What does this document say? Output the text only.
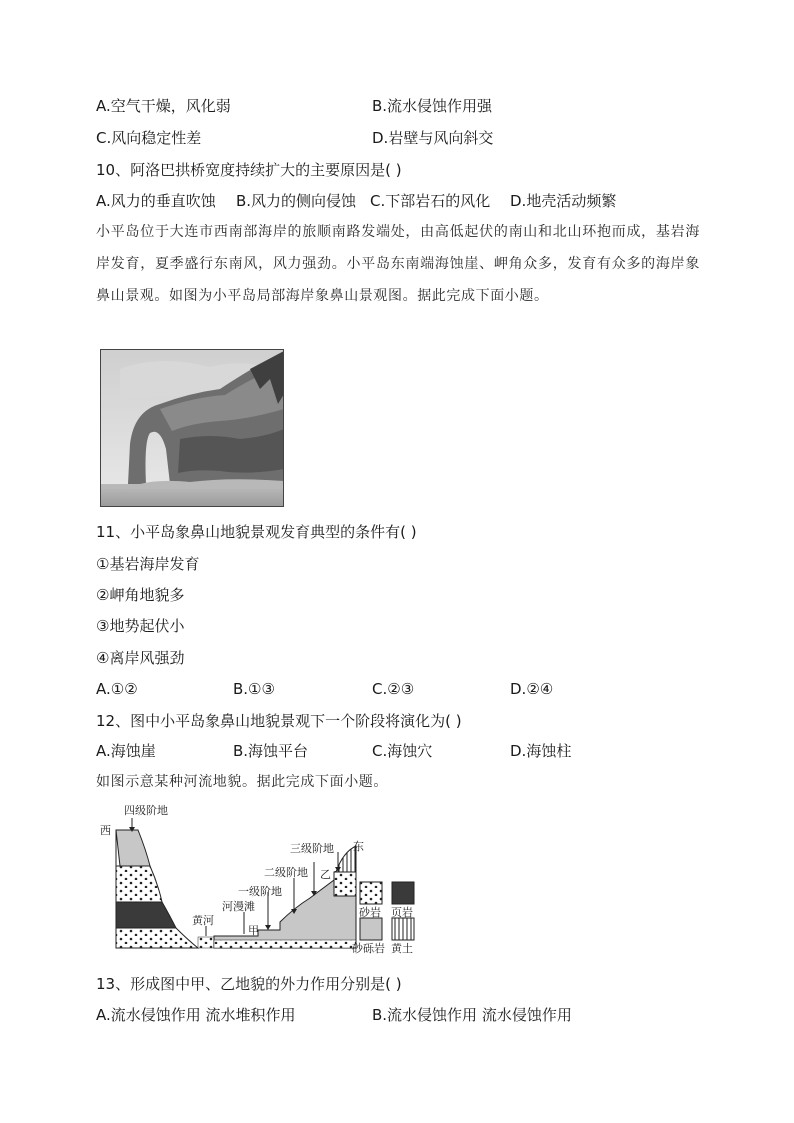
A.空气干燥，风化弱	B.流水侵蚀作用强
C.风向稳定性差	D.岩壁与风向斜交
10、阿洛巴拱桥宽度持续扩大的主要原因是( )
A.风力的垂直吹蚀 B.风力的侧向侵蚀 C.下部岩石的风化 D.地壳活动频繁
小平岛位于大连市西南部海岸的旅顺南路发端处，由高低起伏的南山和北山环抱而成，基岩海岸发育，夏季盛行东南风，风力强劲。小平岛东南端海蚀崖、岬角众多，发育有众多的海岸象鼻山景观。如图为小平岛局部海岸象鼻山景观图。据此完成下面小题。
11、小平岛象鼻山地貌景观发育典型的条件有( )
①基岩海岸发育
②岬角地貌多
③地势起伏小
④离岸风强劲
A.①②	B.①③	C.②③	D.②④
12、图中小平岛象鼻山地貌景观下一个阶段将演化为( )
A.海蚀崖	B.海蚀平台	C.海蚀穴	D.海蚀柱
如图示意某种河流地貌。据此完成下面小题。
四级阶地
西
东
三级阶地
二级阶地
一级阶地
河漫滩
黄河
乙
甲
砂岩 页岩
砂砾岩 黄土
13、形成图中甲、乙地貌的外力作用分别是( )
A.流水侵蚀作用 流水堆积作用	B.流水侵蚀作用 流水侵蚀作用
